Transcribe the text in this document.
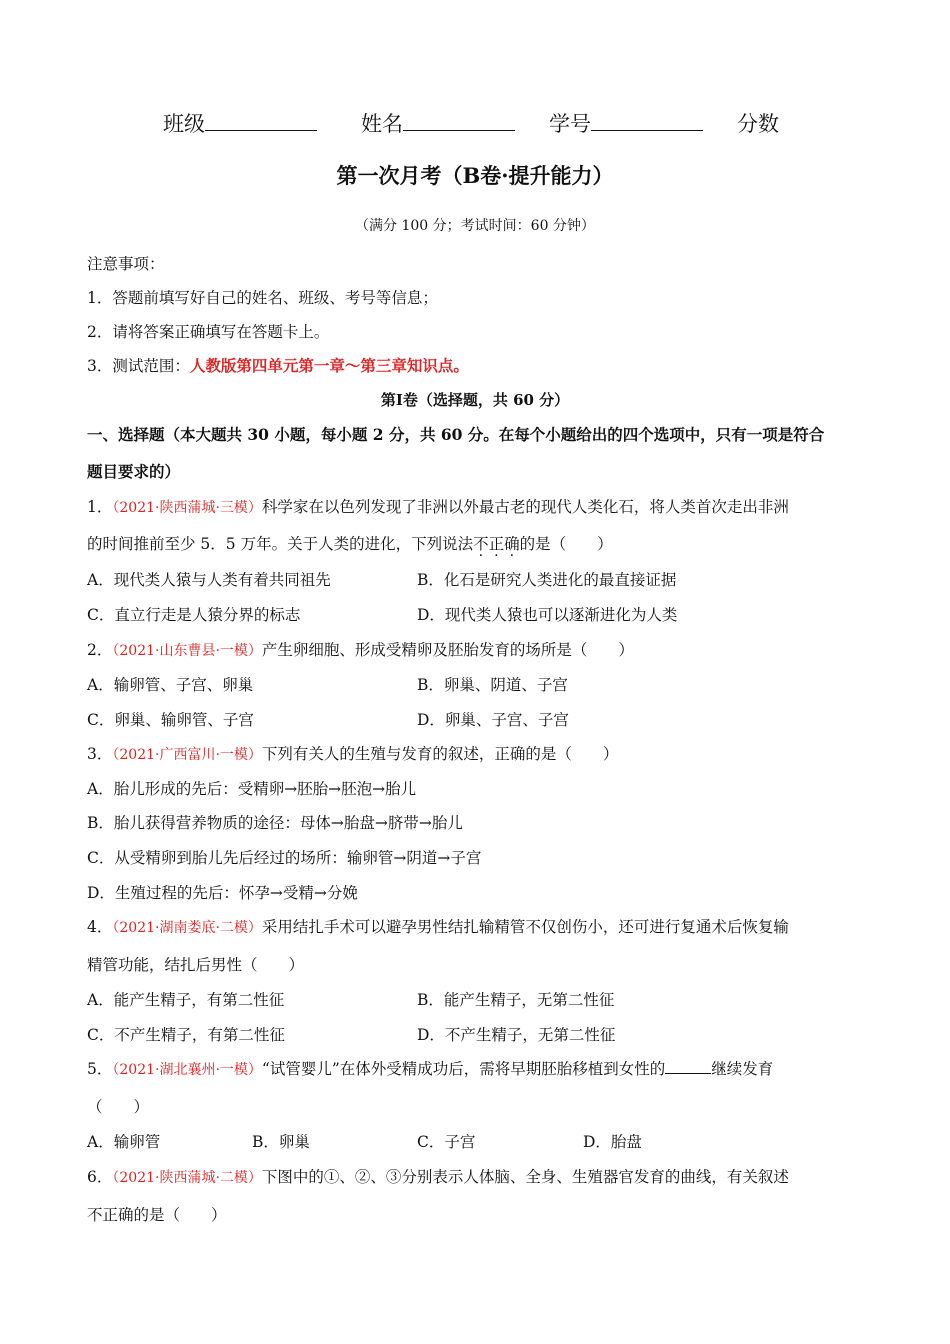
班级	姓名	学号	分数
第一次月考（B卷·提升能力）
（满分 100 分；考试时间：60 分钟）
注意事项：
1．答题前填写好自己的姓名、班级、考号等信息；
2．请将答案正确填写在答题卡上。
3．测试范围：人教版第四单元第一章～第三章知识点。
第Ⅰ卷（选择题，共 60 分）
一、选择题（本大题共 30 小题，每小题 2 分，共 60 分。在每个小题给出的四个选项中，只有一项是符合
题目要求的）
1．（2021·陕西蒲城·三模）科学家在以色列发现了非洲以外最古老的现代人类化石，将人类首次走出非洲
的时间推前至少 5．5 万年。关于人类的进化，下列说法不正确的是（　　）
A．现代类人猿与人类有着共同祖先	B．化石是研究人类进化的最直接证据
C．直立行走是人猿分界的标志	D．现代类人猿也可以逐渐进化为人类
2．（2021·山东曹县·一模）产生卵细胞、形成受精卵及胚胎发育的场所是（　　）
A．输卵管、子宫、卵巢	B．卵巢、阴道、子宫
C．卵巢、输卵管、子宫	D．卵巢、子宫、子宫
3．（2021·广西富川·一模）下列有关人的生殖与发育的叙述，正确的是（　　）
A．胎儿形成的先后：受精卵→胚胎→胚泡→胎儿
B．胎儿获得营养物质的途径：母体→胎盘→脐带→胎儿
C．从受精卵到胎儿先后经过的场所：输卵管→阴道→子宫
D．生殖过程的先后：怀孕→受精→分娩
4．（2021·湖南娄底·二模）采用结扎手术可以避孕男性结扎输精管不仅创伤小，还可进行复通术后恢复输
精管功能，结扎后男性（　　）
A．能产生精子，有第二性征	B．能产生精子，无第二性征
C．不产生精子，有第二性征	D．不产生精子，无第二性征
5．（2021·湖北襄州·一模）“试管婴儿”在体外受精成功后，需将早期胚胎移植到女性的	继续发育
（　　）
A．输卵管	B．卵巢	C．子宫	D．胎盘
6．（2021·陕西蒲城·二模）下图中的①、②、③分别表示人体脑、全身、生殖器官发育的曲线，有关叙述
不正确的是（　　）
